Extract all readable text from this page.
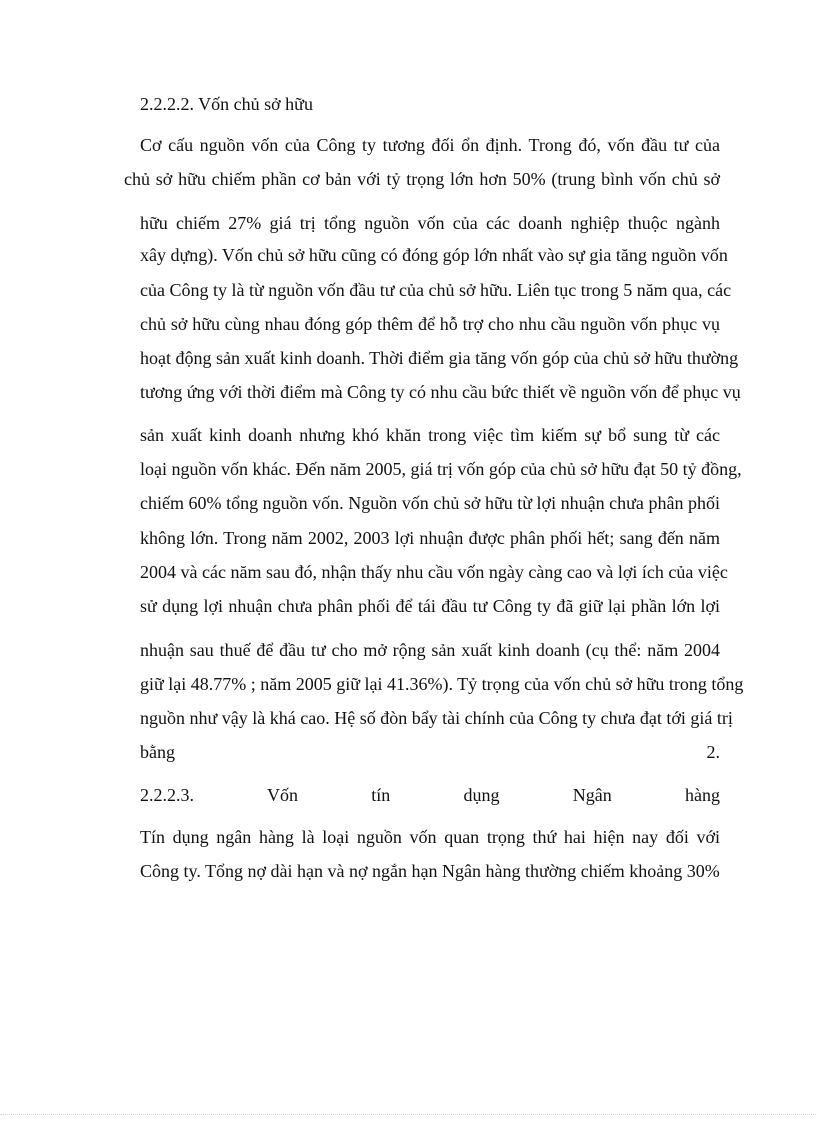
2.2.2.2. Vốn chủ sở hữu
Cơ cấu nguồn vốn của Công ty tương đối ổn định. Trong đó, vốn đầu tư của
chủ sở hữu chiếm phần cơ bản với tỷ trọng lớn hơn 50% (trung bình vốn chủ sở
hữu chiếm 27% giá trị tổng nguồn vốn của các doanh nghiệp thuộc ngành
xây dựng). Vốn chủ sở hữu cũng có đóng góp lớn nhất vào sự gia tăng nguồn vốn
của Công ty là từ nguồn vốn đầu tư của chủ sở hữu. Liên tục trong 5 năm qua, các
chủ sở hữu cùng nhau đóng góp thêm để hỗ trợ cho nhu cầu nguồn vốn phục vụ
hoạt động sản xuất kinh doanh. Thời điểm gia tăng vốn góp của chủ sở hữu thường
tương ứng với thời điểm mà Công ty có nhu cầu bức thiết về nguồn vốn để phục vụ
sản xuất kinh doanh nhưng khó khăn trong việc tìm kiếm sự bổ sung từ các
loại nguồn vốn khác. Đến năm 2005, giá trị vốn góp của chủ sở hữu đạt 50 tỷ đồng,
chiếm 60% tổng nguồn vốn. Nguồn vốn chủ sở hữu từ lợi nhuận chưa phân phối
không lớn. Trong năm 2002, 2003 lợi nhuận được phân phối hết; sang đến năm
2004 và các năm sau đó, nhận thấy nhu cầu vốn ngày càng cao và lợi ích của việc
sử dụng lợi nhuận chưa phân phối để tái đầu tư Công ty đã giữ lại phần lớn lợi
nhuận sau thuế để đầu tư cho mở rộng sản xuất kinh doanh (cụ thể: năm 2004
giữ lại 48.77% ; năm 2005 giữ lại 41.36%). Tỷ trọng của vốn chủ sở hữu trong tổng
nguồn như vậy là khá cao. Hệ số đòn bẩy tài chính của Công ty chưa đạt tới giá trị
bằng 2.
2.2.2.3. Vốn tín dụng Ngân hàng
Tín dụng ngân hàng là loại nguồn vốn quan trọng thứ hai hiện nay đối với
Công ty. Tổng nợ dài hạn và nợ ngắn hạn Ngân hàng thường chiếm khoảng 30%
